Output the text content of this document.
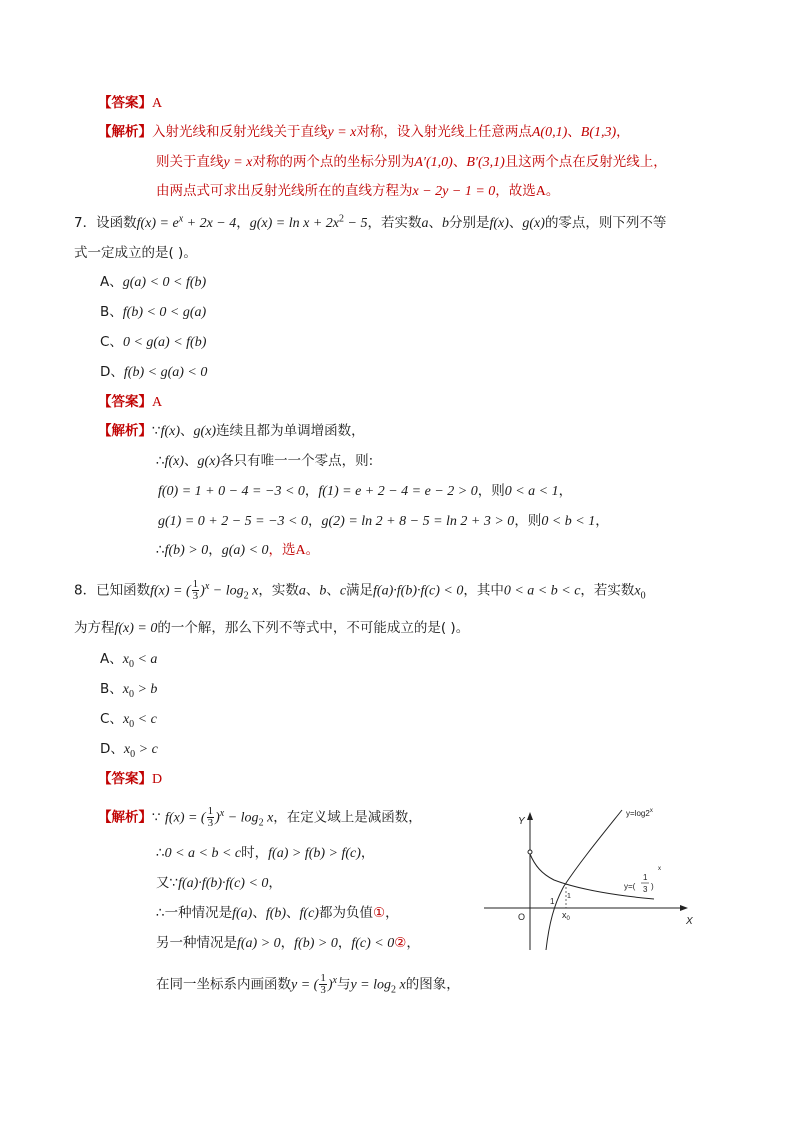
【答案】A
【解析】入射光线和反射光线关于直线y = x对称，设入射光线上任意两点A(0,1)、B(1,3)，
则关于直线y = x对称的两个点的坐标分别为A′(1,0)、B′(3,1)且这两个点在反射光线上，
由两点式可求出反射光线所在的直线方程为x − 2y − 1 = 0，故选A。
7．设函数$f(x) = e^x + 2x - 4$，$g(x) = \ln x + 2x^2 - 5$，若实数a、b分别是f(x)、g(x)的零点，则下列不等
式一定成立的是( )。
A、g(a) < 0 < f(b)
B、f(b) < 0 < g(a)
C、0 < g(a) < f(b)
D、f(b) < g(a) < 0
【答案】A
【解析】∵f(x)、g(x)连续且都为单调增函数，
∴f(x)、g(x)各只有唯一一个零点，则:
f(0) = 1 + 0 − 4 = −3 < 0，f(1) = e + 2 − 4 = e − 2 > 0，则0 < a < 1，
g(1) = 0 + 2 − 5 = −3 < 0，g(2) = ln 2 + 8 − 5 = ln 2 + 3 > 0，则0 < b < 1，
∴f(b) > 0，g(a) < 0，选A。
8．已知函数f(x) = ( $\frac{1}{3} )^x - \log_2 x$，实数a、b、c满足f(a)·f(b)·f(c) < 0，其中0 < a < b < c，若实数$x_0$
为方程f(x) = 0的一个解，那么下列不等式中，不可能成立的是( )。
A、$x_0 < a$
B、$x_0 > b$
C、$x_0 < c$
D、$x_0 > c$
【答案】D
【解析】∵ f(x) = ( $\frac{1}{3} )^x - \log_2 x$，在定义域上是减函数，
∴0 < a < b < c时，f(a) > f(b) > f(c)，
又∵f(a)·f(b)·f(c) < 0，
∴一种情况是f(a)、f(b)、f(c)都为负值①，
另一种情况是f(a) > 0，f(b) > 0，f(c) < 0②，
在同一坐标系内画函数y = ( $\frac{1}{3} )^x$与$y = \log_2 x$的图象，
Y
X
O
1
1
$x_0$
$y=\log 2^x$
y=(
1
3 )
x
